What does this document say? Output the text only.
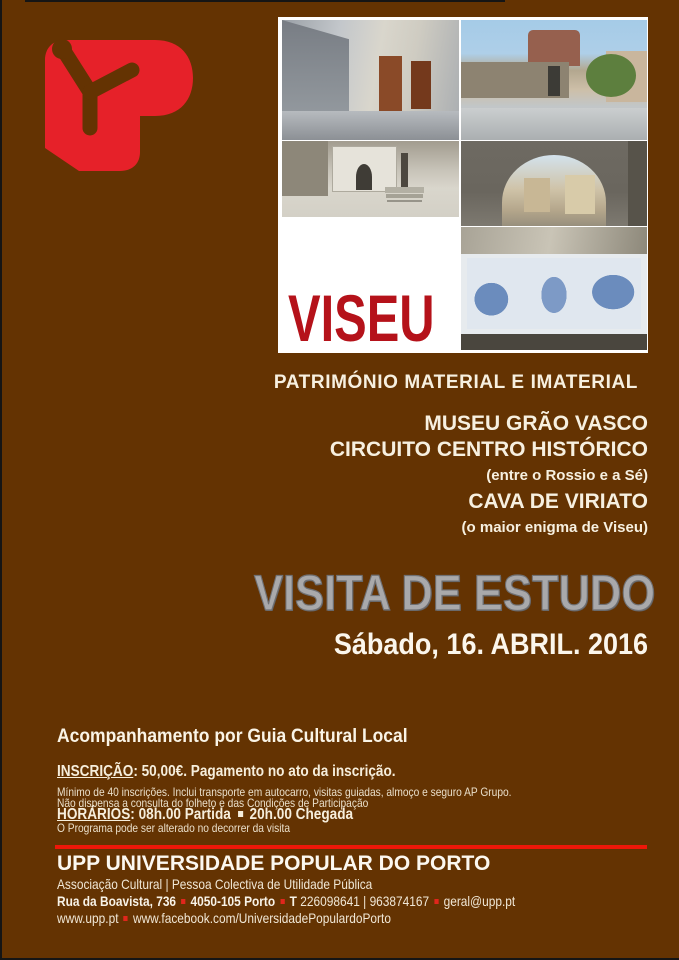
VISEU
PATRIMÓNIO MATERIAL E IMATERIAL
MUSEU GRÃO VASCO
CIRCUITO CENTRO HISTÓRICO
(entre o Rossio e a Sé)
CAVA DE VIRIATO
(o maior enigma de Viseu)
VISITA DE ESTUDO
Sábado, 16. ABRIL. 2016
Acompanhamento por Guia Cultural Local
INSCRIÇÃO: 50,00€. Pagamento no ato da inscrição.
Mínimo de 40 inscrições. Inclui transporte em autocarro, visitas guiadas, almoço e seguro AP Grupo.
Não dispensa a consulta do folheto e das Condições de Participação
HORÁRIOS: 08h.00 Partida 20h.00 Chegada
O Programa pode ser alterado no decorrer da visita
UPP UNIVERSIDADE POPULAR DO PORTO
Associação Cultural | Pessoa Colectiva de Utilidade Pública
Rua da Boavista, 736 4050-105 Porto T 226098641 | 963874167 geral@upp.pt
www.upp.pt www.facebook.com/UniversidadePopulardoPorto
